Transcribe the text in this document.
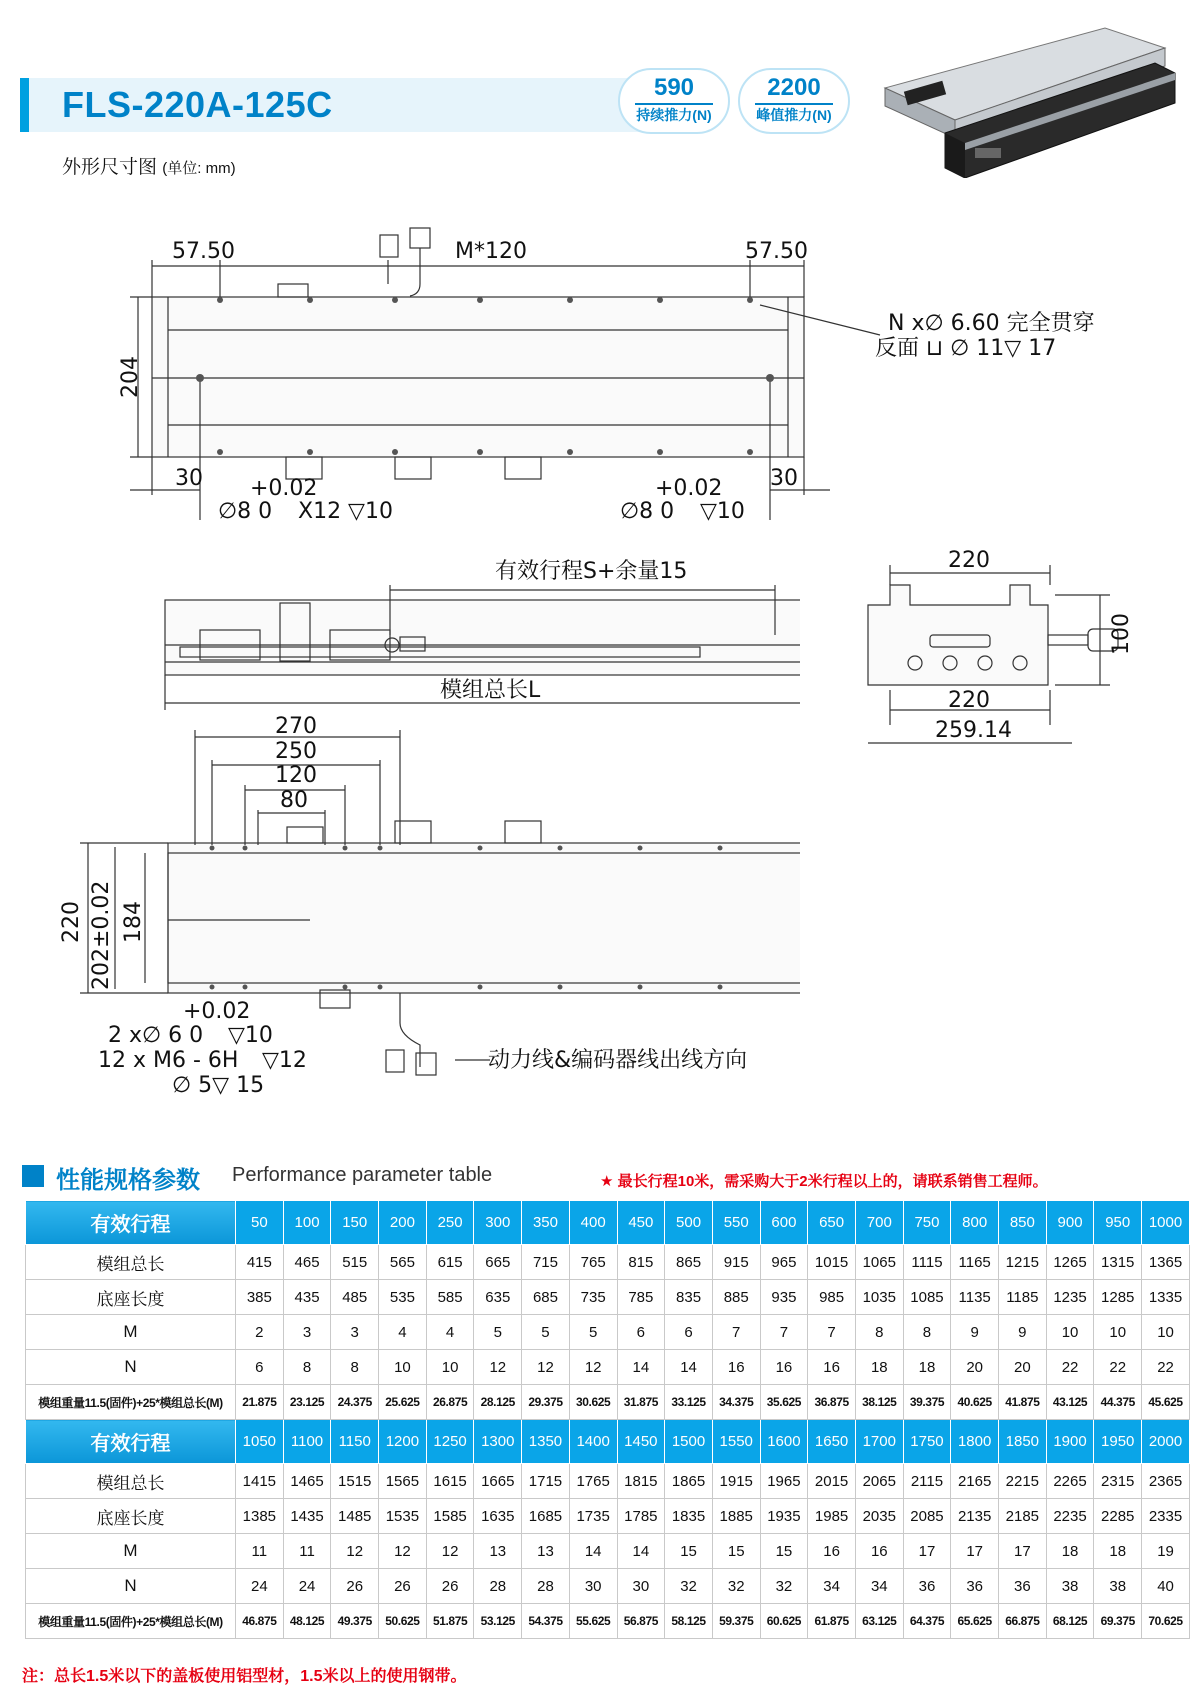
FLS-220A-125C	590
持续推力(N)
2200
峰值推力(N)
外形尺寸图 (单位: mm)
57.50	M*120	57.50
204
30	30
+0.02	+0.02
∅8 0 X12 ▽10	∅8 0 ▽10
N x∅ 6.60 完全贯穿
反面 ⊔ ∅ 11▽ 17
有效行程S+余量15
模组总长L
220
220
259.14
100
270
250
120
80
220 202±0.02 184
+0.02
2 x∅ 6 0 ▽10
12 x M6 - 6H ▽12
∅ 5▽ 15
动力线&编码器线出线方向
性能规格参数 Performance parameter table	★ 最长行程10米，需采购大于2米行程以上的，请联系销售工程师。
有效行程	50	100	150	200	250	300	350	400	450	500	550	600	650	700	750	800	850	900	950	1000
模组总长	415	465	515	565	615	665	715	765	815	865	915	965	1015	1065	1115	1165	1215	1265	1315	1365
底座长度	385	435	485	535	585	635	685	735	785	835	885	935	985	1035	1085	1135	1185	1235	1285	1335
M	2	3	3	4	4	5	5	5	6	6	7	7	7	8	8	9	9	10	10	10
N	6	8	8	10	10	12	12	12	14	14	16	16	16	18	18	20	20	22	22	22
模组重量11.5(固件)+25*模组总长(M)	21.875	23.125	24.375	25.625	26.875	28.125	29.375	30.625	31.875	33.125	34.375	35.625	36.875	38.125	39.375	40.625	41.875	43.125	44.375	45.625
有效行程	1050	1100	1150	1200	1250	1300	1350	1400	1450	1500	1550	1600	1650	1700	1750	1800	1850	1900	1950	2000
模组总长	1415	1465	1515	1565	1615	1665	1715	1765	1815	1865	1915	1965	2015	2065	2115	2165	2215	2265	2315	2365
底座长度	1385	1435	1485	1535	1585	1635	1685	1735	1785	1835	1885	1935	1985	2035	2085	2135	2185	2235	2285	2335
M	11	11	12	12	12	13	13	14	14	15	15	15	16	16	17	17	17	18	18	19
N	24	24	26	26	26	28	28	30	30	32	32	32	34	34	36	36	36	38	38	40
模组重量11.5(固件)+25*模组总长(M)	46.875	48.125	49.375	50.625	51.875	53.125	54.375	55.625	56.875	58.125	59.375	60.625	61.875	63.125	64.375	65.625	66.875	68.125	69.375	70.625
注：总长1.5米以下的盖板使用铝型材，1.5米以上的使用钢带。
